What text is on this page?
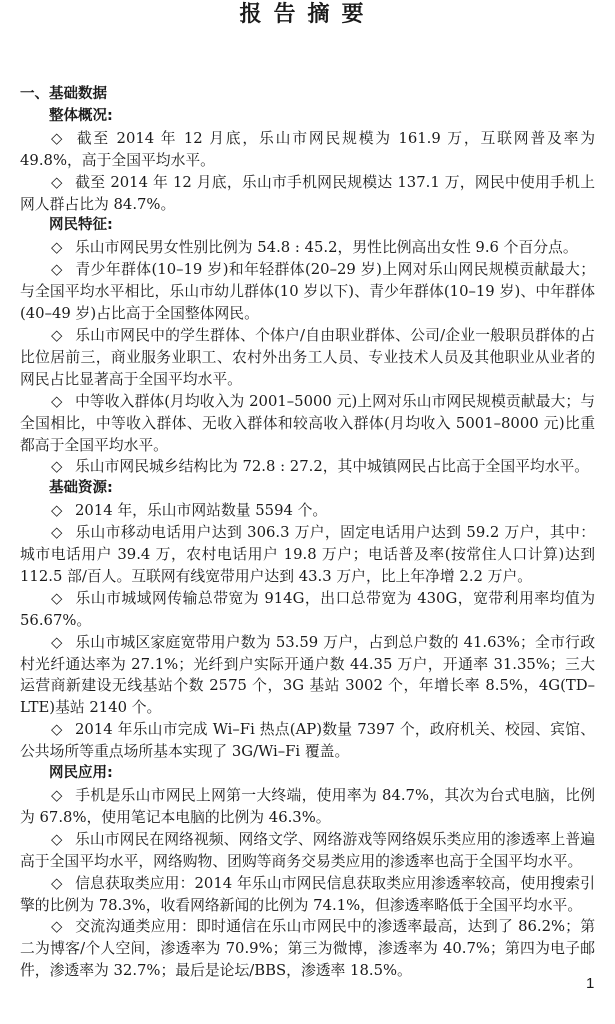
报告摘要
一、基础数据
整体概况:

◇ 截至 2014 年 12 月底，乐山市网民规模为 161.9 万，互联网普及率为 49.8%，高于全国平均水平。

◇ 截至 2014 年 12 月底，乐山市手机网民规模达 137.1 万，网民中使用手机上网人群占比为 84.7%。

网民特征:

◇ 乐山市网民男女性别比例为 54.8 : 45.2，男性比例高出女性 9.6 个百分点。

◇ 青少年群体(10–19 岁)和年轻群体(20–29 岁)上网对乐山网民规模贡献最大；与全国平均水平相比，乐山市幼儿群体(10 岁以下)、青少年群体(10–19 岁)、中年群体(40–49 岁)占比高于全国整体网民。

◇ 乐山市网民中的学生群体、个体户/自由职业群体、公司/企业一般职员群体的占比位居前三，商业服务业职工、农村外出务工人员、专业技术人员及其他职业从业者的网民占比显著高于全国平均水平。

◇ 中等收入群体(月均收入为 2001–5000 元)上网对乐山市网民规模贡献最大；与全国相比，中等收入群体、无收入群体和较高收入群体(月均收入 5001–8000 元)比重都高于全国平均水平。

◇ 乐山市网民城乡结构比为 72.8 : 27.2，其中城镇网民占比高于全国平均水平。

基础资源:

◇ 2014 年，乐山市网站数量 5594 个。

◇ 乐山市移动电话用户达到 306.3 万户，固定电话用户达到 59.2 万户，其中：城市电话用户 39.4 万，农村电话用户 19.8 万户；电话普及率(按常住人口计算)达到 112.5 部/百人。互联网有线宽带用户达到 43.3 万户，比上年净增 2.2 万户。

◇ 乐山市城域网传输总带宽为 914G，出口总带宽为 430G，宽带利用率均值为 56.67%。

◇ 乐山市城区家庭宽带用户数为 53.59 万户，占到总户数的 41.63%；全市行政村光纤通达率为 27.1%；光纤到户实际开通户数 44.35 万户，开通率 31.35%；三大运营商新建设无线基站个数 2575 个，3G 基站 3002 个，年增长率 8.5%，4G(TD–LTE)基站 2140 个。

◇ 2014 年乐山市完成 Wi–Fi 热点(AP)数量 7397 个，政府机关、校园、宾馆、公共场所等重点场所基本实现了 3G/Wi–Fi 覆盖。

网民应用:

◇ 手机是乐山市网民上网第一大终端，使用率为 84.7%，其次为台式电脑，比例为 67.8%，使用笔记本电脑的比例为 46.3%。

◇ 乐山市网民在网络视频、网络文学、网络游戏等网络娱乐类应用的渗透率上普遍高于全国平均水平，网络购物、团购等商务交易类应用的渗透率也高于全国平均水平。

◇ 信息获取类应用：2014 年乐山市网民信息获取类应用渗透率较高，使用搜索引擎的比例为 78.3%，收看网络新闻的比例为 74.1%，但渗透率略低于全国平均水平。

◇ 交流沟通类应用：即时通信在乐山市网民中的渗透率最高，达到了 86.2%；第二为博客/个人空间，渗透率为 70.9%；第三为微博，渗透率为 40.7%；第四为电子邮件，渗透率为 32.7%；最后是论坛/BBS，渗透率 18.5%。

1
